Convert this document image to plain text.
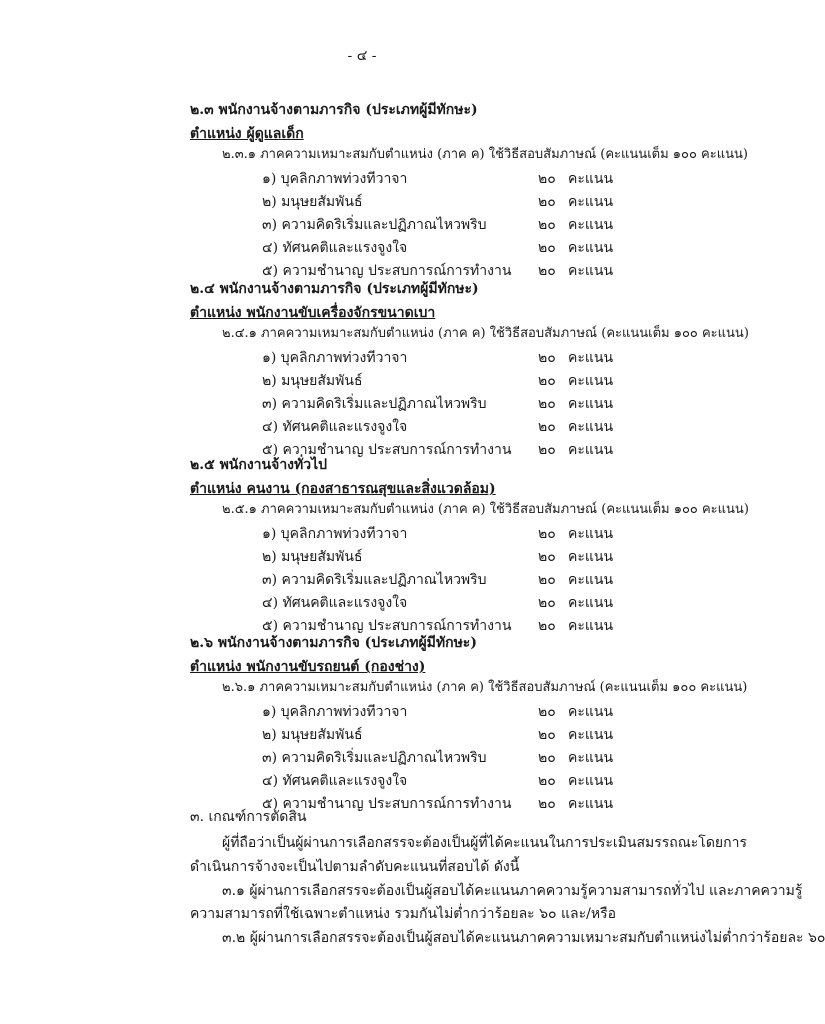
- ๔ -
๒.๓ พนักงานจ้างตามภารกิจ (ประเภทผู้มีทักษะ)
ตำแหน่ง ผู้ดูแลเด็ก
๒.๓.๑ ภาคความเหมาะสมกับตำแหน่ง (ภาค ค) ใช้วิธีสอบสัมภาษณ์ (คะแนนเต็ม ๑๐๐ คะแนน)
๑) บุคลิกภาพท่วงทีวาจา	๒๐ คะแนน
๒) มนุษยสัมพันธ์	๒๐ คะแนน
๓) ความคิดริเริ่มและปฏิภาณไหวพริบ	๒๐ คะแนน
๔) ทัศนคติและแรงจูงใจ	๒๐ คะแนน
๕) ความชำนาญ ประสบการณ์การทำงาน ๒๐ คะแนน
๒.๔ พนักงานจ้างตามภารกิจ (ประเภทผู้มีทักษะ)
ตำแหน่ง พนักงานขับเครื่องจักรขนาดเบา
๒.๔.๑ ภาคความเหมาะสมกับตำแหน่ง (ภาค ค) ใช้วิธีสอบสัมภาษณ์ (คะแนนเต็ม ๑๐๐ คะแนน)
๑) บุคลิกภาพท่วงทีวาจา	๒๐ คะแนน
๒) มนุษยสัมพันธ์	๒๐ คะแนน
๓) ความคิดริเริ่มและปฏิภาณไหวพริบ	๒๐ คะแนน
๔) ทัศนคติและแรงจูงใจ	๒๐ คะแนน
๕) ความชำนาญ ประสบการณ์การทำงาน ๒๐ คะแนน
๒.๕ พนักงานจ้างทั่วไป
ตำแหน่ง คนงาน (กองสาธารณสุขและสิ่งแวดล้อม)
๒.๕.๑ ภาคความเหมาะสมกับตำแหน่ง (ภาค ค) ใช้วิธีสอบสัมภาษณ์ (คะแนนเต็ม ๑๐๐ คะแนน)
๑) บุคลิกภาพท่วงทีวาจา	๒๐ คะแนน
๒) มนุษยสัมพันธ์	๒๐ คะแนน
๓) ความคิดริเริ่มและปฏิภาณไหวพริบ	๒๐ คะแนน
๔) ทัศนคติและแรงจูงใจ	๒๐ คะแนน
๕) ความชำนาญ ประสบการณ์การทำงาน ๒๐ คะแนน
๒.๖ พนักงานจ้างตามภารกิจ (ประเภทผู้มีทักษะ)
ตำแหน่ง พนักงานขับรถยนต์ (กองช่าง)
๒.๖.๑ ภาคความเหมาะสมกับตำแหน่ง (ภาค ค) ใช้วิธีสอบสัมภาษณ์ (คะแนนเต็ม ๑๐๐ คะแนน)
๑) บุคลิกภาพท่วงทีวาจา	๒๐ คะแนน
๒) มนุษยสัมพันธ์	๒๐ คะแนน
๓) ความคิดริเริ่มและปฏิภาณไหวพริบ	๒๐ คะแนน
๔) ทัศนคติและแรงจูงใจ	๒๐ คะแนน
๕) ความชำนาญ ประสบการณ์การทำงาน ๒๐ คะแนน
๓. เกณฑ์การตัดสิน
ผู้ที่ถือว่าเป็นผู้ผ่านการเลือกสรรจะต้องเป็นผู้ที่ได้คะแนนในการประเมินสมรรถณะโดยการ
ดำเนินการจ้างจะเป็นไปตามลำดับคะแนนที่สอบได้ ดังนี้
๓.๑ ผู้ผ่านการเลือกสรรจะต้องเป็นผู้สอบได้คะแนนภาคความรู้ความสามารถทั่วไป และภาคความรู้
ความสามารถที่ใช้เฉพาะตำแหน่ง รวมกันไม่ต่ำกว่าร้อยละ ๖๐ และ/หรือ
๓.๒ ผู้ผ่านการเลือกสรรจะต้องเป็นผู้สอบได้คะแนนภาคความเหมาะสมกับตำแหน่งไม่ต่ำกว่าร้อยละ ๖๐
